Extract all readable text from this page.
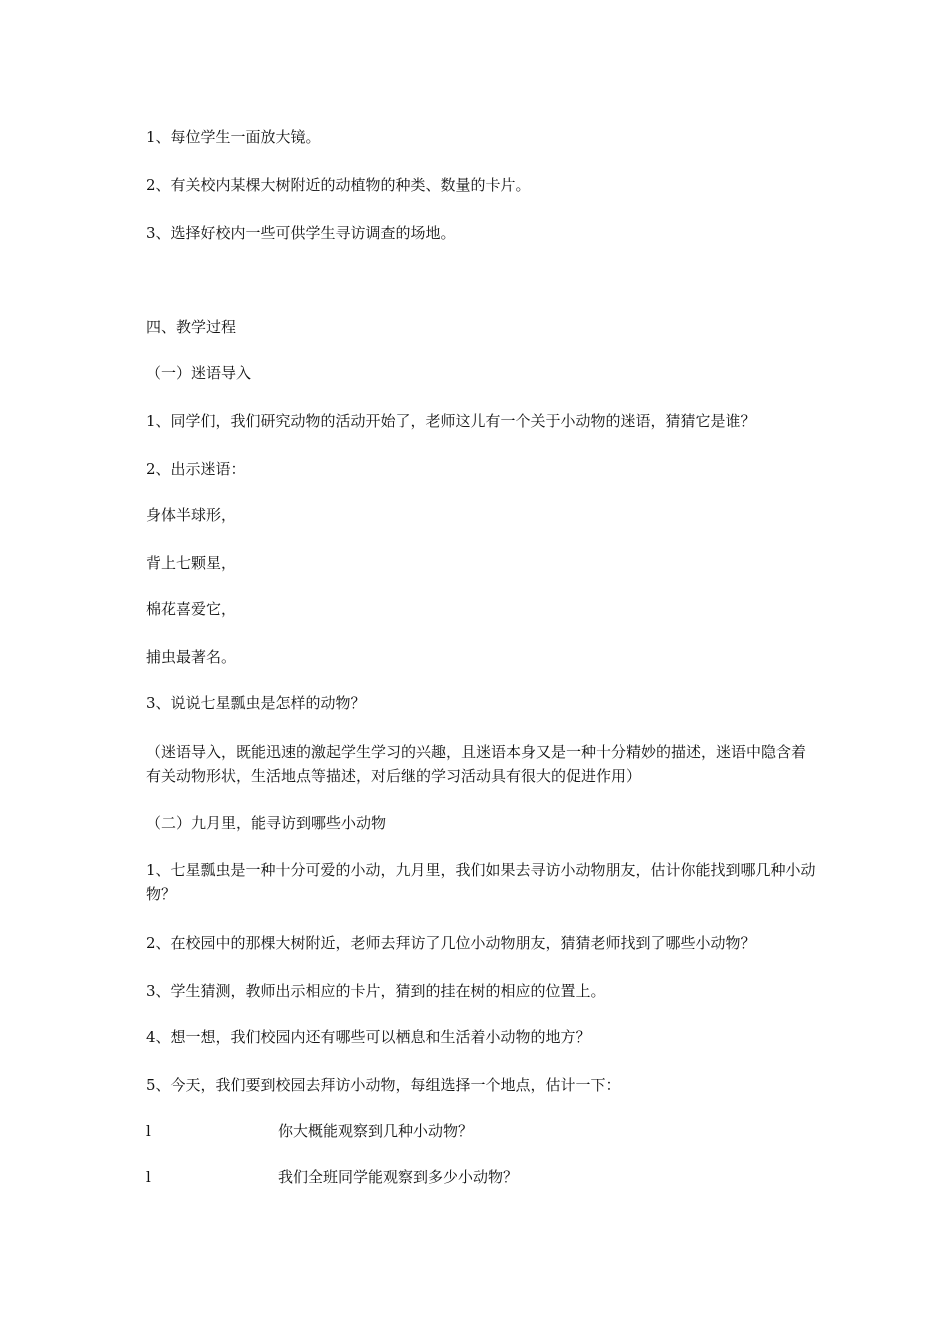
1、每位学生一面放大镜。
2、有关校内某棵大树附近的动植物的种类、数量的卡片。
3、选择好校内一些可供学生寻访调查的场地。
四、教学过程
（一）迷语导入
1、同学们，我们研究动物的活动开始了，老师这儿有一个关于小动物的迷语，猜猜它是谁？
2、出示迷语：
身体半球形，
背上七颗星，
棉花喜爱它，
捕虫最著名。
3、说说七星瓢虫是怎样的动物？
（迷语导入，既能迅速的激起学生学习的兴趣，且迷语本身又是一种十分精妙的描述，迷语中隐含着有关动物形状，生活地点等描述，对后继的学习活动具有很大的促进作用）
（二）九月里，能寻访到哪些小动物
1、七星瓢虫是一种十分可爱的小动，九月里，我们如果去寻访小动物朋友，估计你能找到哪几种小动物？
2、在校园中的那棵大树附近，老师去拜访了几位小动物朋友，猜猜老师找到了哪些小动物？
3、学生猜测，教师出示相应的卡片，猜到的挂在树的相应的位置上。
4、想一想，我们校园内还有哪些可以栖息和生活着小动物的地方？
5、今天，我们要到校园去拜访小动物，每组选择一个地点，估计一下：
l	你大概能观察到几种小动物？
l	我们全班同学能观察到多少小动物？
